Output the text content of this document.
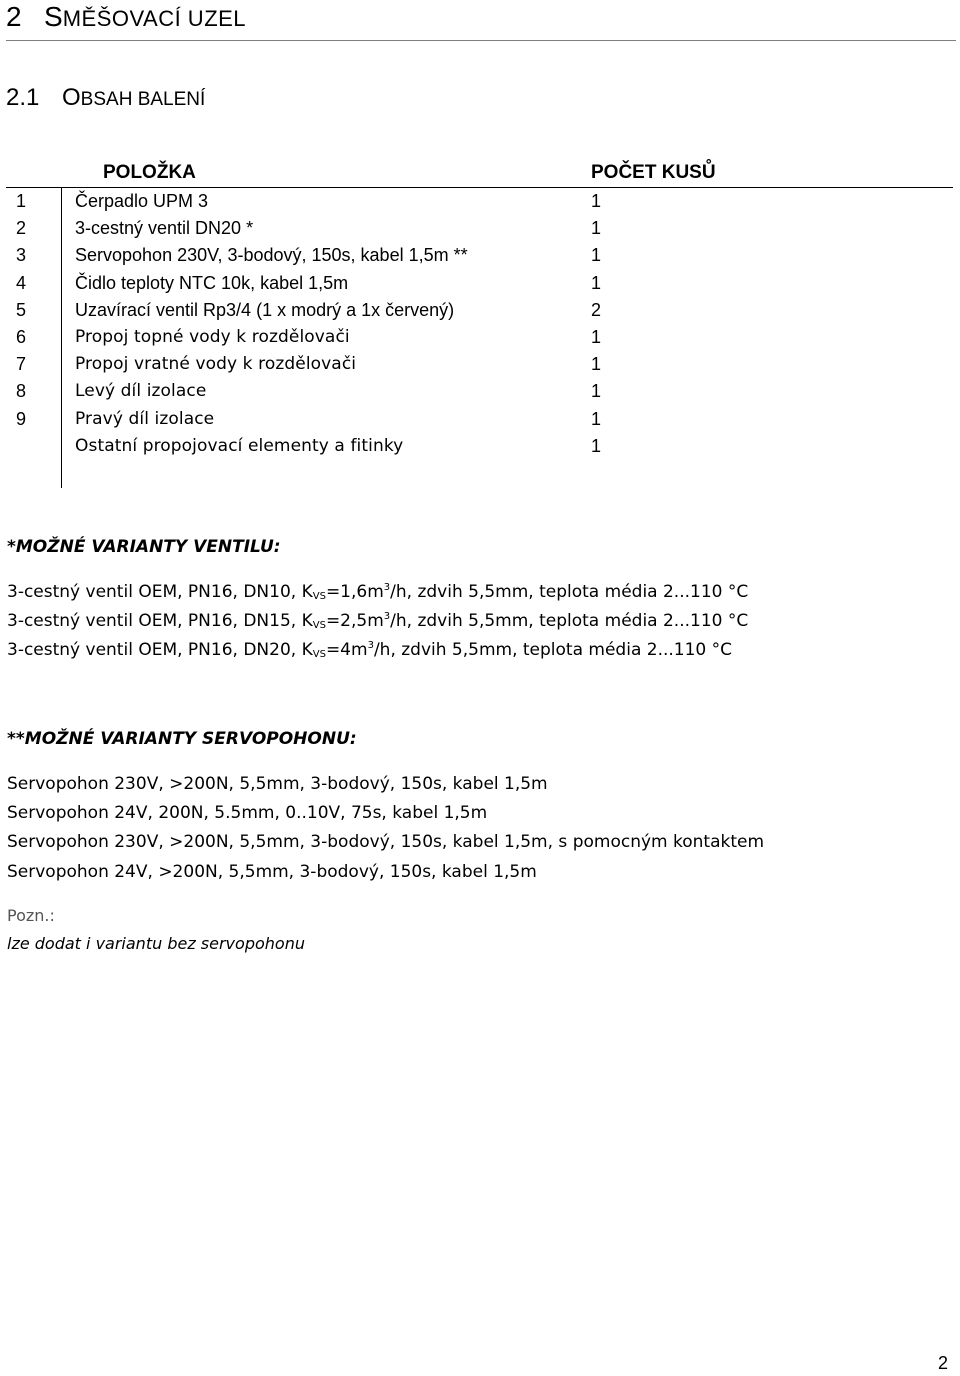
2 SMĚŠOVACÍ UZEL
2.1 OBSAH BALENÍ
POLOŽKA	POČET KUSŮ
1	Čerpadlo UPM 3	1
2	3-cestný ventil DN20 *	1
3	Servopohon 230V, 3-bodový, 150s, kabel 1,5m **	1
4	Čidlo teploty NTC 10k, kabel 1,5m	1
5	Uzavírací ventil Rp3/4 (1 x modrý a 1x červený)	2
6	Propoj topné vody k rozdělovači	1
7	Propoj vratné vody k rozdělovači	1
8	Levý díl izolace	1
9	Pravý díl izolace	1
Ostatní propojovací elementy a fitinky	1
*MOŽNÉ VARIANTY VENTILU:
3-cestný ventil OEM, PN16, DN10, $K_{VS}=1,6m^3/h$, zdvih 5,5mm, teplota média 2...110 °C
3-cestný ventil OEM, PN16, DN15, $K_{VS}=2,5m^3/h$, zdvih 5,5mm, teplota média 2...110 °C
3-cestný ventil OEM, PN16, DN20, $K_{VS}=4m^3/h$, zdvih 5,5mm, teplota média 2...110 °C
**MOŽNÉ VARIANTY SERVOPOHONU:
Servopohon 230V, >200N, 5,5mm, 3-bodový, 150s, kabel 1,5m
Servopohon 24V, 200N, 5.5mm, 0..10V, 75s, kabel 1,5m
Servopohon 230V, >200N, 5,5mm, 3-bodový, 150s, kabel 1,5m, s pomocným kontaktem
Servopohon 24V, >200N, 5,5mm, 3-bodový, 150s, kabel 1,5m
Pozn.:
lze dodat i variantu bez servopohonu
2
